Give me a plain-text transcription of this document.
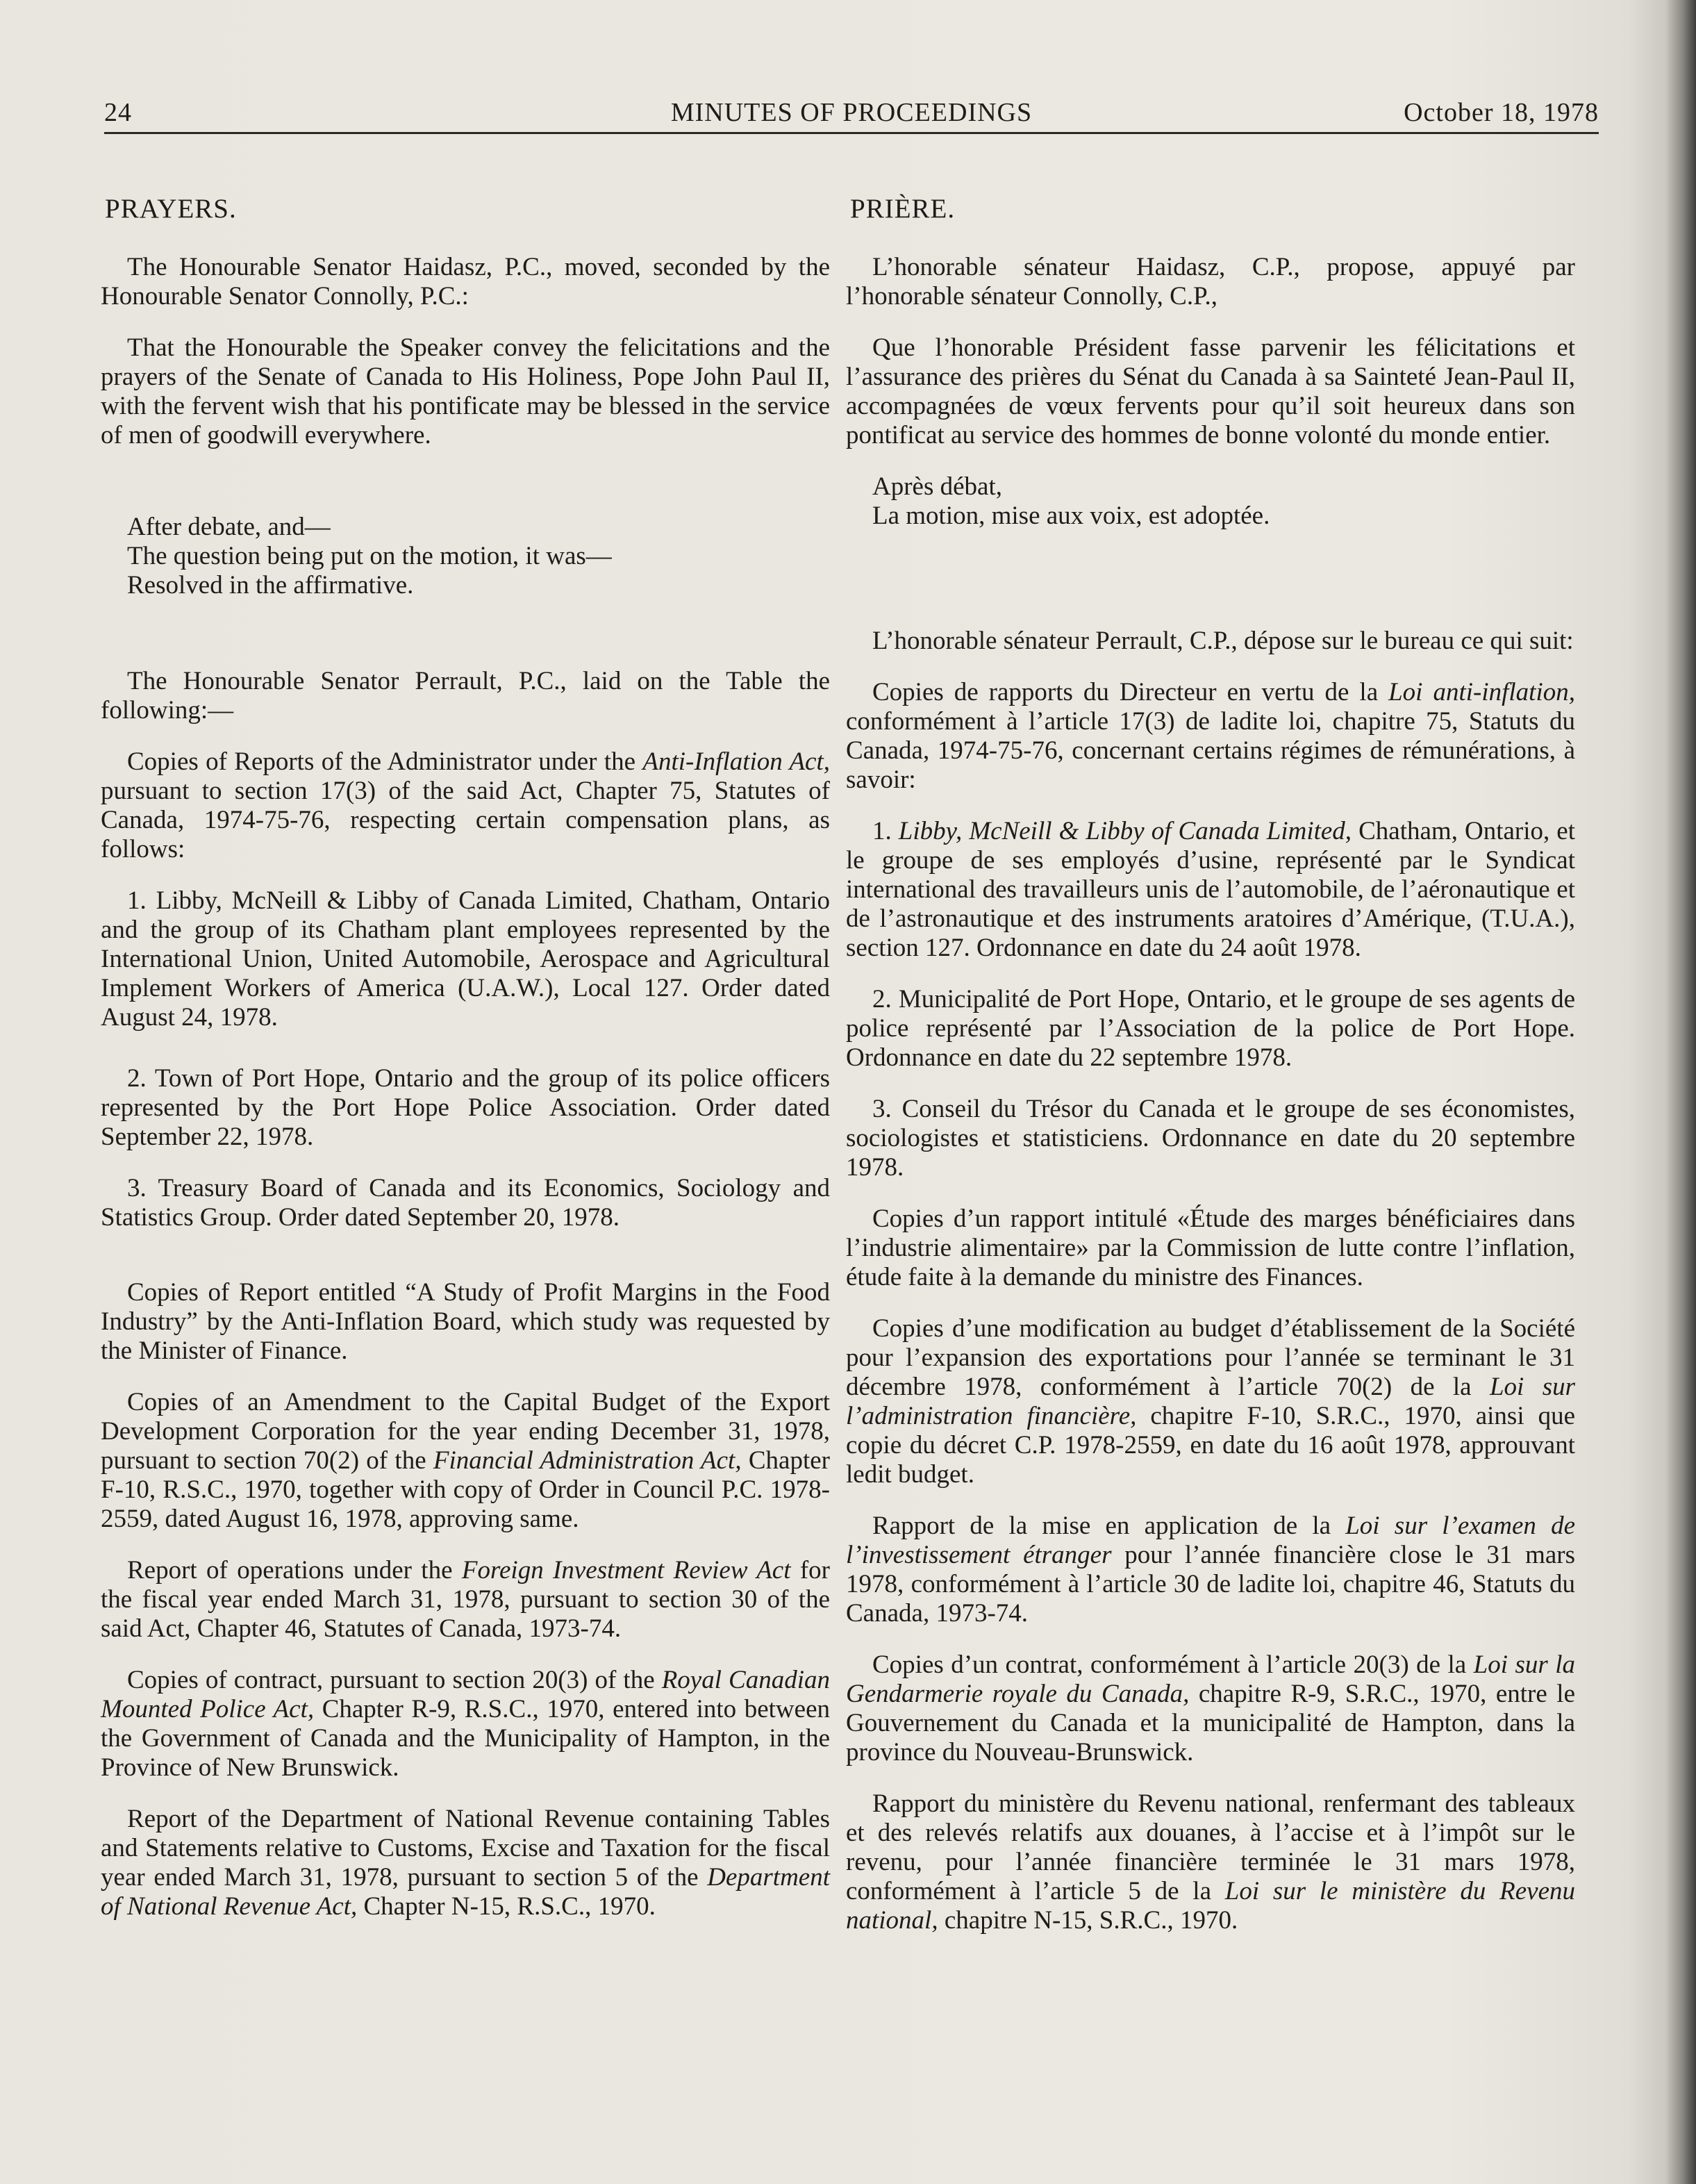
MINUTES OF PROCEEDINGS
24	October 18, 1978
PRAYERS.

The Honourable Senator Haidasz, P.C., moved, seconded by the Honourable Senator Connolly, P.C.:

That the Honourable the Speaker convey the felicitations and the prayers of the Senate of Canada to His Holiness, Pope John Paul II, with the fervent wish that his pontificate may be blessed in the service of men of goodwill everywhere.

After debate, and—
The question being put on the motion, it was—
Resolved in the affirmative.

The Honourable Senator Perrault, P.C., laid on the Table the following:—

Copies of Reports of the Administrator under the Anti-Inflation Act, pursuant to section 17(3) of the said Act, Chapter 75, Statutes of Canada, 1974-75-76, respecting certain compensation plans, as follows:

1. Libby, McNeill & Libby of Canada Limited, Chatham, Ontario and the group of its Chatham plant employees represented by the International Union, United Automobile, Aerospace and Agricultural Implement Workers of America (U.A.W.), Local 127. Order dated August 24, 1978.

2. Town of Port Hope, Ontario and the group of its police officers represented by the Port Hope Police Association. Order dated September 22, 1978.

3. Treasury Board of Canada and its Economics, Sociology and Statistics Group. Order dated September 20, 1978.

Copies of Report entitled “A Study of Profit Margins in the Food Industry” by the Anti-Inflation Board, which study was requested by the Minister of Finance.

Copies of an Amendment to the Capital Budget of the Export Development Corporation for the year ending December 31, 1978, pursuant to section 70(2) of the Financial Administration Act, Chapter F-10, R.S.C., 1970, together with copy of Order in Council P.C. 1978-2559, dated August 16, 1978, approving same.

Report of operations under the Foreign Investment Review Act for the fiscal year ended March 31, 1978, pursuant to section 30 of the said Act, Chapter 46, Statutes of Canada, 1973-74.

Copies of contract, pursuant to section 20(3) of the Royal Canadian Mounted Police Act, Chapter R-9, R.S.C., 1970, entered into between the Government of Canada and the Municipality of Hampton, in the Province of New Brunswick.

Report of the Department of National Revenue containing Tables and Statements relative to Customs, Excise and Taxation for the fiscal year ended March 31, 1978, pursuant to section 5 of the Department of National Revenue Act, Chapter N-15, R.S.C., 1970.

PRIÈRE.

L’honorable sénateur Haidasz, C.P., propose, appuyé par l’honorable sénateur Connolly, C.P.,

Que l’honorable Président fasse parvenir les félicitations et l’assurance des prières du Sénat du Canada à sa Sainteté Jean-Paul II, accompagnées de vœux fervents pour qu’il soit heureux dans son pontificat au service des hommes de bonne volonté du monde entier.

Après débat,
La motion, mise aux voix, est adoptée.

L’honorable sénateur Perrault, C.P., dépose sur le bureau ce qui suit:

Copies de rapports du Directeur en vertu de la Loi anti-inflation, conformément à l’article 17(3) de ladite loi, chapitre 75, Statuts du Canada, 1974-75-76, concernant certains régimes de rémunérations, à savoir:

1. Libby, McNeill & Libby of Canada Limited, Chatham, Ontario, et le groupe de ses employés d’usine, représenté par le Syndicat international des travailleurs unis de l’automobile, de l’aéronautique et de l’astronautique et des instruments aratoires d’Amérique, (T.U.A.), section 127. Ordonnance en date du 24 août 1978.

2. Municipalité de Port Hope, Ontario, et le groupe de ses agents de police représenté par l’Association de la police de Port Hope. Ordonnance en date du 22 septembre 1978.

3. Conseil du Trésor du Canada et le groupe de ses économistes, sociologistes et statisticiens. Ordonnance en date du 20 septembre 1978.

Copies d’un rapport intitulé «Étude des marges bénéficiaires dans l’industrie alimentaire» par la Commission de lutte contre l’inflation, étude faite à la demande du ministre des Finances.

Copies d’une modification au budget d’établissement de la Société pour l’expansion des exportations pour l’année se terminant le 31 décembre 1978, conformément à l’article 70(2) de la Loi sur l’administration financière, chapitre F-10, S.R.C., 1970, ainsi que copie du décret C.P. 1978-2559, en date du 16 août 1978, approuvant ledit budget.

Rapport de la mise en application de la Loi sur l’examen de l’investissement étranger pour l’année financière close le 31 mars 1978, conformément à l’article 30 de ladite loi, chapitre 46, Statuts du Canada, 1973-74.

Copies d’un contrat, conformément à l’article 20(3) de la Loi sur la Gendarmerie royale du Canada, chapitre R-9, S.R.C., 1970, entre le Gouvernement du Canada et la municipalité de Hampton, dans la province du Nouveau-Brunswick.

Rapport du ministère du Revenu national, renfermant des tableaux et des relevés relatifs aux douanes, à l’accise et à l’impôt sur le revenu, pour l’année financière terminée le 31 mars 1978, conformément à l’article 5 de la Loi sur le ministère du Revenu national, chapitre N-15, S.R.C., 1970.
